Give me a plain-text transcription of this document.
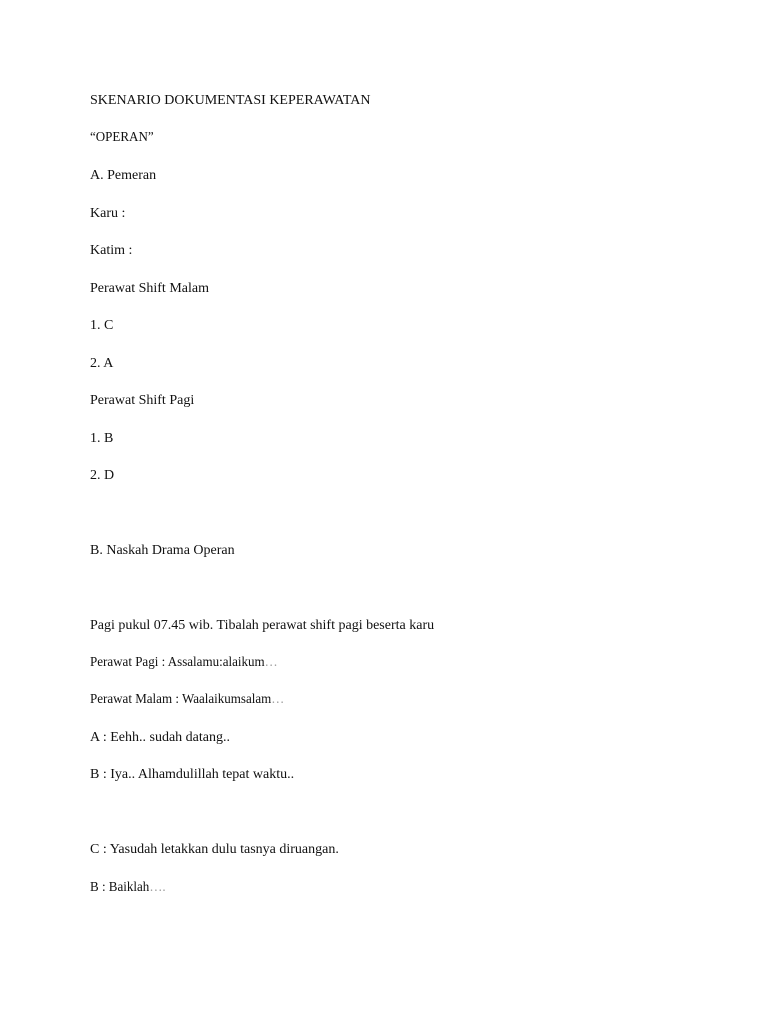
SKENARIO DOKUMENTASI KEPERAWATAN

“OPERAN”

A. Pemeran

Karu :

Katim :

Perawat Shift Malam

1. C

2. A

Perawat Shift Pagi

1. B

2. D

B. Naskah Drama Operan

Pagi pukul 07.45 wib. Tibalah perawat shift pagi beserta karu

Perawat Pagi : Assalamu:alaikum…

Perawat Malam : Waalaikumsalam…

A : Eehh.. sudah datang..

B : Iya.. Alhamdulillah tepat waktu..

C : Yasudah letakkan dulu tasnya diruangan.

B : Baiklah….
